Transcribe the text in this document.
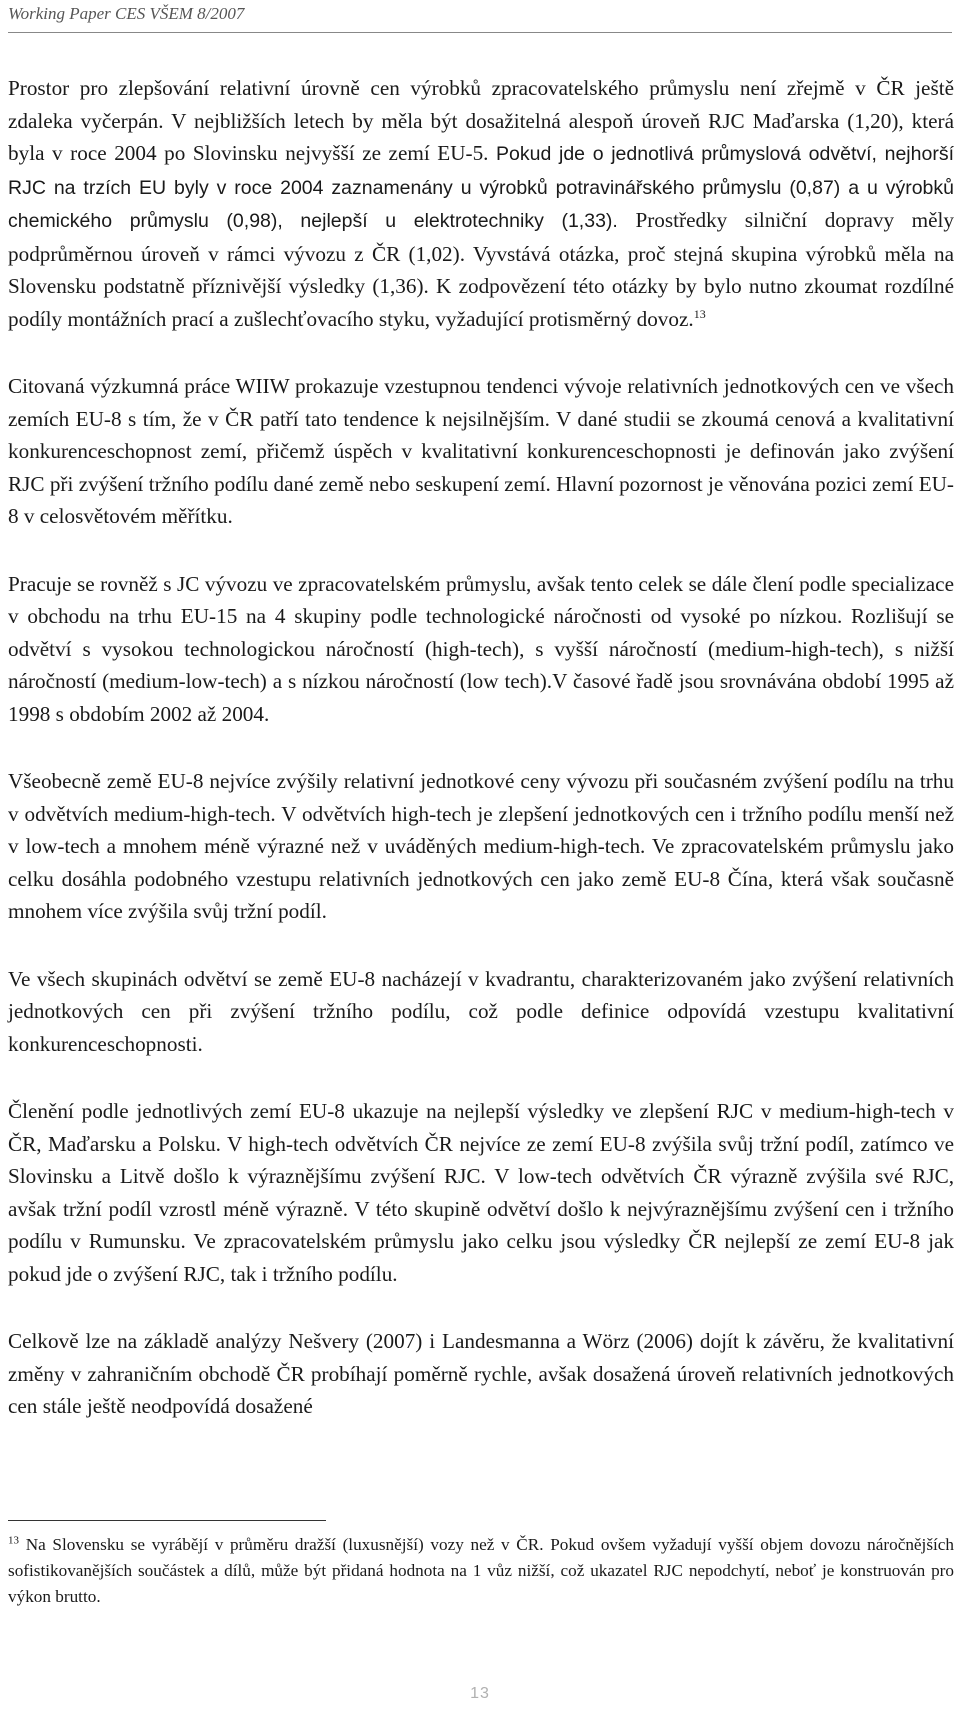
Working Paper CES VŠEM 8/2007

Prostor pro zlepšování relativní úrovně cen výrobků zpracovatelského průmyslu není zřejmě v ČR ještě zdaleka vyčerpán. V nejbližších letech by měla být dosažitelná alespoň úroveň RJC Maďarska (1,20), která byla v roce 2004 po Slovinsku nejvyšší ze zemí EU-5. Pokud jde o jednotlivá průmyslová odvětví, nejhorší RJC na trzích EU byly v roce 2004 zaznamenány u výrobků potravinářského průmyslu (0,87) a u výrobků chemického průmyslu (0,98), nejlepší u elektrotechniky (1,33). Prostředky silniční dopravy měly podprůměrnou úroveň v rámci vývozu z ČR (1,02). Vyvstává otázka, proč stejná skupina výrobků měla na Slovensku podstatně příznivější výsledky (1,36). K zodpovězení této otázky by bylo nutno zkoumat rozdílné podíly montážních prací a zušlechťovacího styku, vyžadující protisměrný dovoz.$^{13}$

Citovaná výzkumná práce WIIW prokazuje vzestupnou tendenci vývoje relativních jednotkových cen ve všech zemích EU-8 s tím, že v ČR patří tato tendence k nejsilnějším. V dané studii se zkoumá cenová a kvalitativní konkurenceschopnost zemí, přičemž úspěch v kvalitativní konkurenceschopnosti je definován jako zvýšení RJC při zvýšení tržního podílu dané země nebo seskupení zemí. Hlavní pozornost je věnována pozici zemí EU-8 v celosvětovém měřítku.

Pracuje se rovněž s JC vývozu ve zpracovatelském průmyslu, avšak tento celek se dále člení podle specializace v obchodu na trhu EU-15 na 4 skupiny podle technologické náročnosti od vysoké po nízkou. Rozlišují se odvětví s vysokou technologickou náročností (high-tech), s vyšší náročností (medium-high-tech), s nižší náročností (medium-low-tech) a s nízkou náročností (low tech).V časové řadě jsou srovnávána období 1995 až 1998 s obdobím 2002 až 2004.

Všeobecně země EU-8 nejvíce zvýšily relativní jednotkové ceny vývozu při současném zvýšení podílu na trhu v odvětvích medium-high-tech. V odvětvích high-tech je zlepšení jednotkových cen i tržního podílu menší než v low-tech a mnohem méně výrazné než v uváděných medium-high-tech. Ve zpracovatelském průmyslu jako celku dosáhla podobného vzestupu relativních jednotkových cen jako země EU-8 Čína, která však současně mnohem více zvýšila svůj tržní podíl.

Ve všech skupinách odvětví se země EU-8 nacházejí v kvadrantu, charakterizovaném jako zvýšení relativních jednotkových cen při zvýšení tržního podílu, což podle definice odpovídá vzestupu kvalitativní konkurenceschopnosti.

Členění podle jednotlivých zemí EU-8 ukazuje na nejlepší výsledky ve zlepšení RJC v medium-high-tech v ČR, Maďarsku a Polsku. V high-tech odvětvích ČR nejvíce ze zemí EU-8 zvýšila svůj tržní podíl, zatímco ve Slovinsku a Litvě došlo k výraznějšímu zvýšení RJC. V low-tech odvětvích ČR výrazně zvýšila své RJC, avšak tržní podíl vzrostl méně výrazně. V této skupině odvětví došlo k nejvýraznějšímu zvýšení cen i tržního podílu v Rumunsku. Ve zpracovatelském průmyslu jako celku jsou výsledky ČR nejlepší ze zemí EU-8 jak pokud jde o zvýšení RJC, tak i tržního podílu.

Celkově lze na základě analýzy Nešvery (2007) i Landesmanna a Wörz (2006) dojít k závěru, že kvalitativní změny v zahraničním obchodě ČR probíhají poměrně rychle, avšak dosažená úroveň relativních jednotkových cen stále ještě neodpovídá dosažené

$^{13}$ Na Slovensku se vyrábějí v průměru dražší (luxusnější) vozy než v ČR. Pokud ovšem vyžadují vyšší objem dovozu náročnějších sofistikovanějších součástek a dílů, může být přidaná hodnota na 1 vůz nižší, což ukazatel RJC nepodchytí, neboť je konstruován pro výkon brutto.

13
